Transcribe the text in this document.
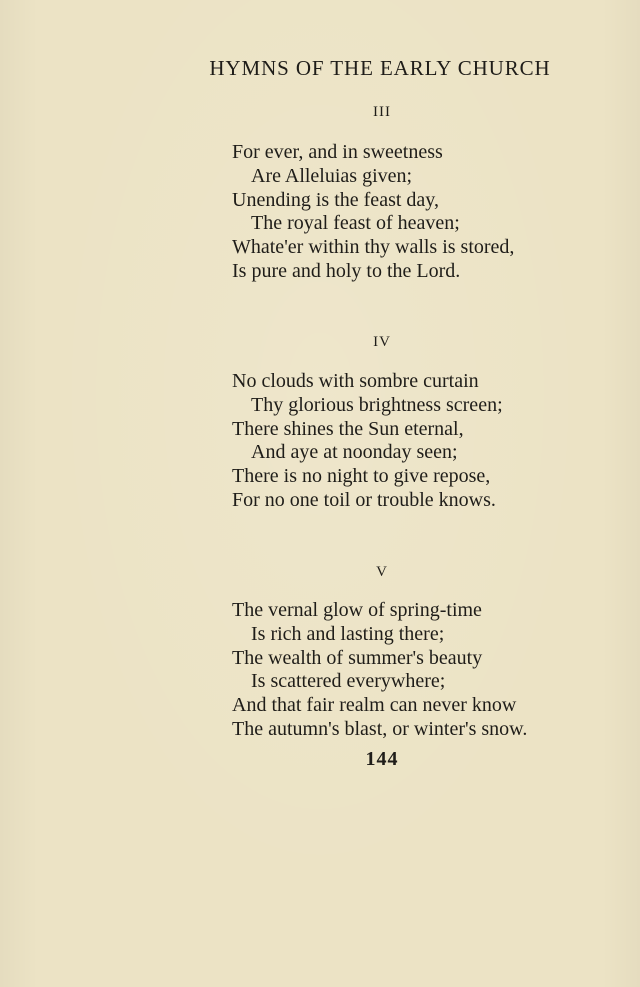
HYMNS OF THE EARLY CHURCH
III
For ever, and in sweetness
Are Alleluias given;
Unending is the feast day,
The royal feast of heaven;
Whate'er within thy walls is stored,
Is pure and holy to the Lord.
IV
No clouds with sombre curtain
Thy glorious brightness screen;
There shines the Sun eternal,
And aye at noonday seen;
There is no night to give repose,
For no one toil or trouble knows.
V
The vernal glow of spring-time
Is rich and lasting there;
The wealth of summer's beauty
Is scattered everywhere;
And that fair realm can never know
The autumn's blast, or winter's snow.
144
